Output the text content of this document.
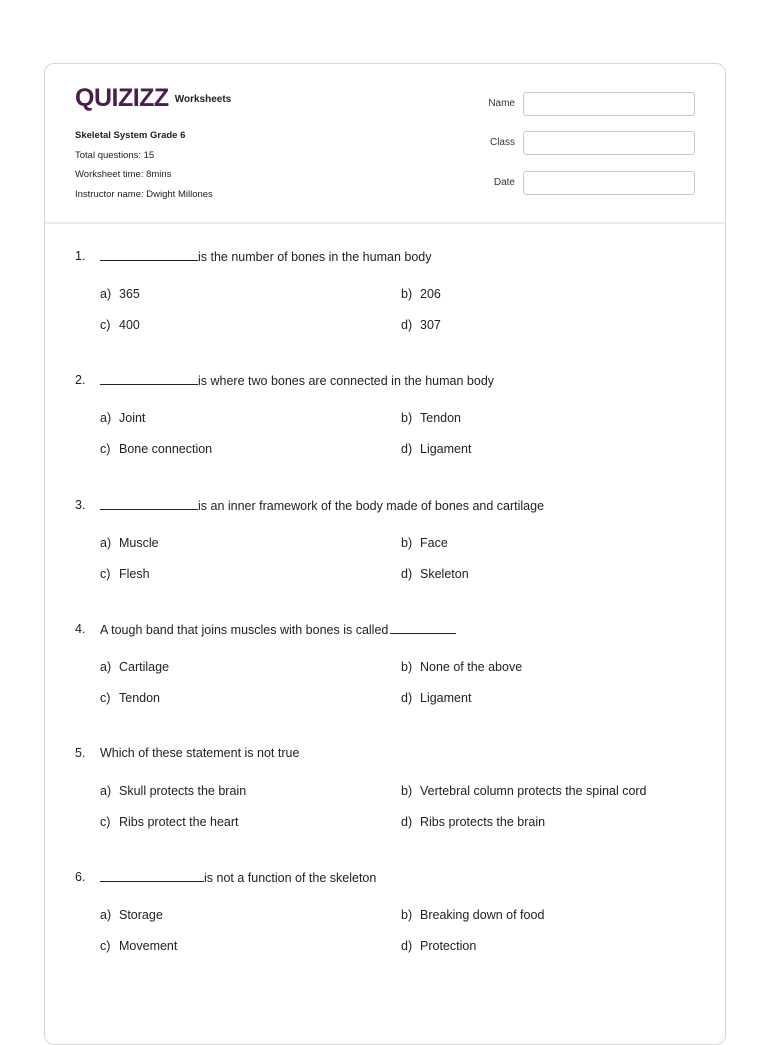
QUIZIZZ Worksheets
Skeletal System Grade 6
Total questions: 15
Worksheet time: 8mins
Instructor name: Dwight Millones
Name
Class
Date
1.	is the number of bones in the human body
a) 365	b) 206
c) 400	d) 307
2.	is where two bones are connected in the human body
a) Joint	b) Tendon
c) Bone connection	d) Ligament
3.	is an inner framework of the body made of bones and cartilage
a) Muscle	b) Face
c) Flesh	d) Skeleton
4. A tough band that joins muscles with bones is called
a) Cartilage	b) None of the above
c) Tendon	d) Ligament
5. Which of these statement is not true
a) Skull protects the brain	b) Vertebral column protects the spinal cord
c) Ribs protect the heart	d) Ribs protects the brain
6.	is not a function of the skeleton
a) Storage	b) Breaking down of food
c) Movement	d) Protection
